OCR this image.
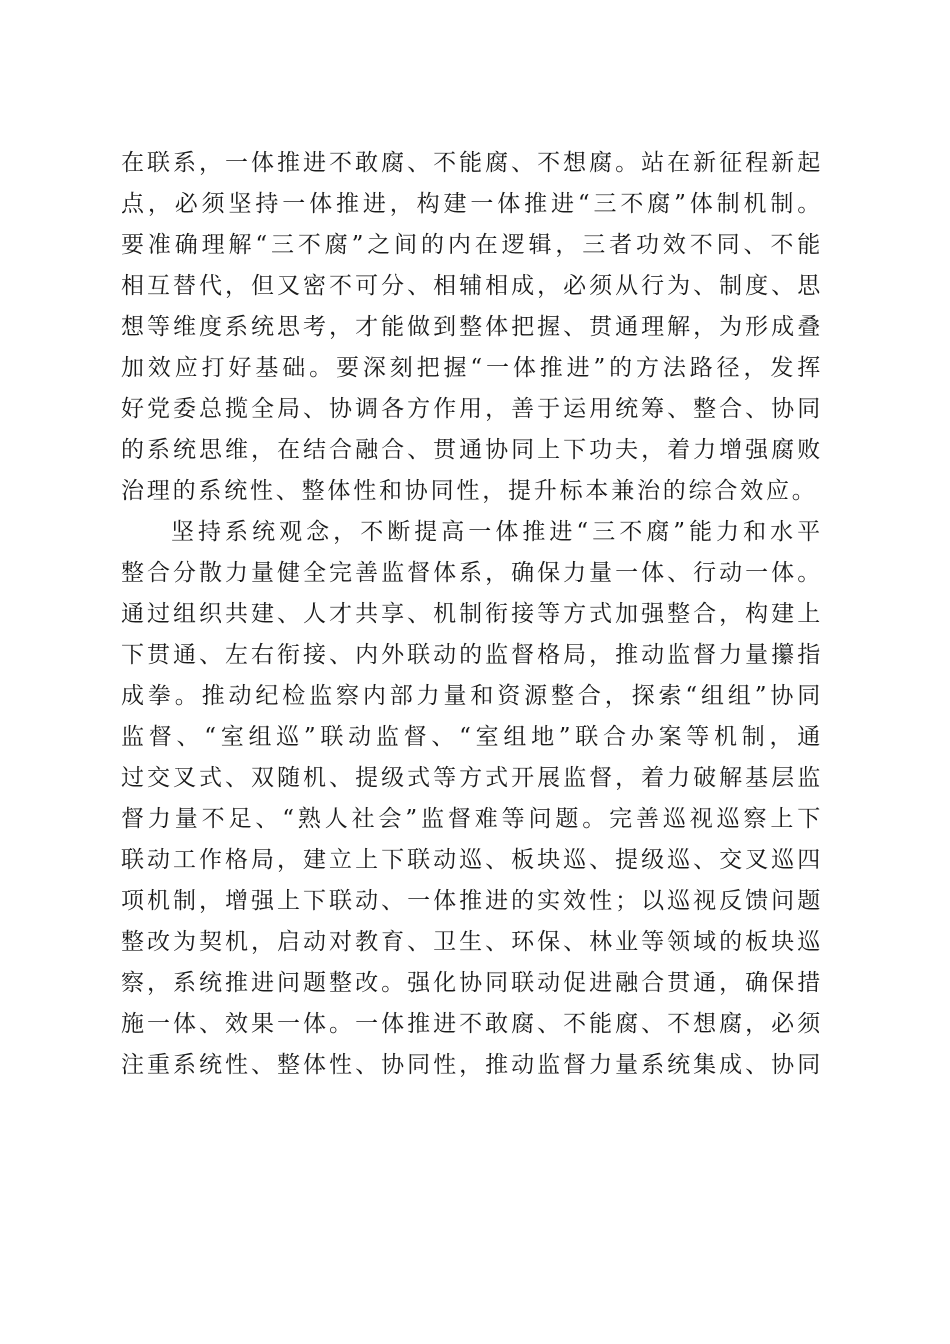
在联系，一体推进不敢腐、不能腐、不想腐。站在新征程新起
点，必须坚持一体推进，构建一体推进“三不腐”体制机制。
要准确理解“三不腐”之间的内在逻辑，三者功效不同、不能
相互替代，但又密不可分、相辅相成，必须从行为、制度、思
想等维度系统思考，才能做到整体把握、贯通理解，为形成叠
加效应打好基础。要深刻把握“一体推进”的方法路径，发挥
好党委总揽全局、协调各方作用，善于运用统筹、整合、协同
的系统思维，在结合融合、贯通协同上下功夫，着力增强腐败
治理的系统性、整体性和协同性，提升标本兼治的综合效应。
坚持系统观念，不断提高一体推进“三不腐”能力和水平
整合分散力量健全完善监督体系，确保力量一体、行动一体。
通过组织共建、人才共享、机制衔接等方式加强整合，构建上
下贯通、左右衔接、内外联动的监督格局，推动监督力量攥指
成拳。推动纪检监察内部力量和资源整合，探索“组组”协同
监督、“室组巡”联动监督、“室组地”联合办案等机制，通
过交叉式、双随机、提级式等方式开展监督，着力破解基层监
督力量不足、“熟人社会”监督难等问题。完善巡视巡察上下
联动工作格局，建立上下联动巡、板块巡、提级巡、交叉巡四
项机制，增强上下联动、一体推进的实效性；以巡视反馈问题
整改为契机，启动对教育、卫生、环保、林业等领域的板块巡
察，系统推进问题整改。强化协同联动促进融合贯通，确保措
施一体、效果一体。一体推进不敢腐、不能腐、不想腐，必须
注重系统性、整体性、协同性，推动监督力量系统集成、协同
